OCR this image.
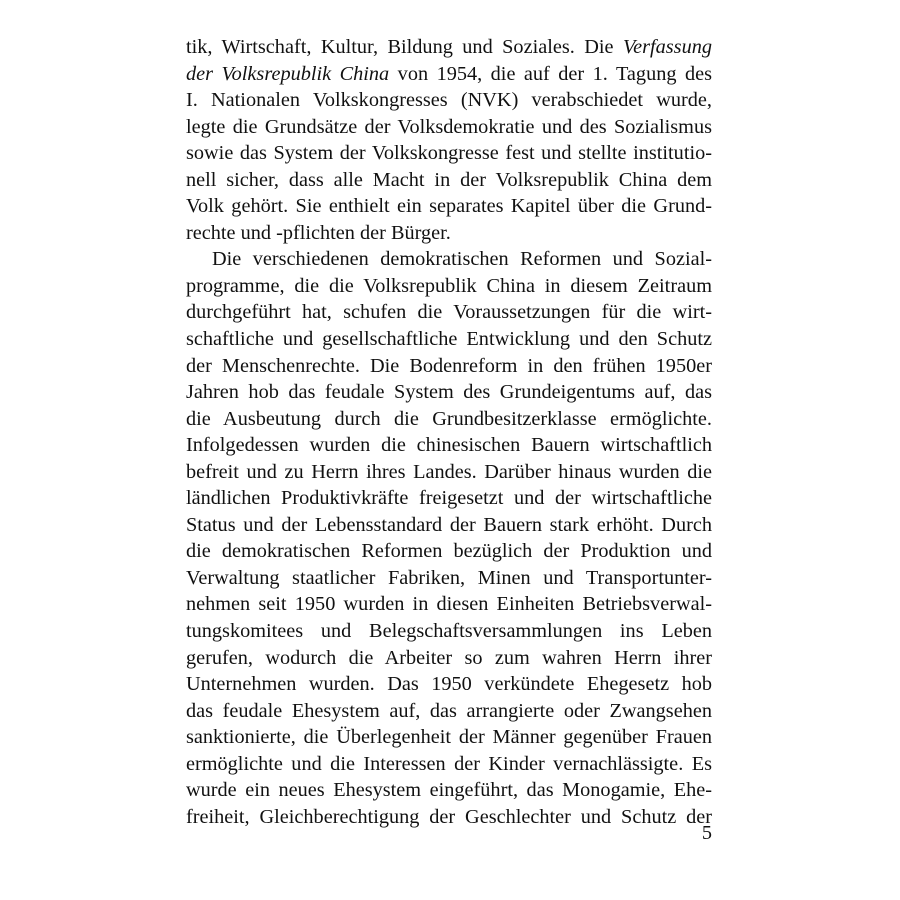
tik, Wirtschaft, Kultur, Bildung und Soziales. Die Verfassung
der Volksrepublik China von 1954, die auf der 1. Tagung des
I. Nationalen Volkskongresses (NVK) verabschiedet wurde,
legte die Grundsätze der Volksdemokratie und des Sozialismus
sowie das System der Volkskongresse fest und stellte institutio-
nell sicher, dass alle Macht in der Volksrepublik China dem
Volk gehört. Sie enthielt ein separates Kapitel über die Grund-
rechte und -pflichten der Bürger.
Die verschiedenen demokratischen Reformen und Sozial-
programme, die die Volksrepublik China in diesem Zeitraum
durchgeführt hat, schufen die Voraussetzungen für die wirt-
schaftliche und gesellschaftliche Entwicklung und den Schutz
der Menschenrechte. Die Bodenreform in den frühen 1950er
Jahren hob das feudale System des Grundeigentums auf, das
die Ausbeutung durch die Grundbesitzerklasse ermöglichte.
Infolgedessen wurden die chinesischen Bauern wirtschaftlich
befreit und zu Herrn ihres Landes. Darüber hinaus wurden die
ländlichen Produktivkräfte freigesetzt und der wirtschaftliche
Status und der Lebensstandard der Bauern stark erhöht. Durch
die demokratischen Reformen bezüglich der Produktion und
Verwaltung staatlicher Fabriken, Minen und Transportunter-
nehmen seit 1950 wurden in diesen Einheiten Betriebsverwal-
tungskomitees und Belegschaftsversammlungen ins Leben
gerufen, wodurch die Arbeiter so zum wahren Herrn ihrer
Unternehmen wurden. Das 1950 verkündete Ehegesetz hob
das feudale Ehesystem auf, das arrangierte oder Zwangsehen
sanktionierte, die Überlegenheit der Männer gegenüber Frauen
ermöglichte und die Interessen der Kinder vernachlässigte. Es
wurde ein neues Ehesystem eingeführt, das Monogamie, Ehe-
freiheit, Gleichberechtigung der Geschlechter und Schutz der
5
